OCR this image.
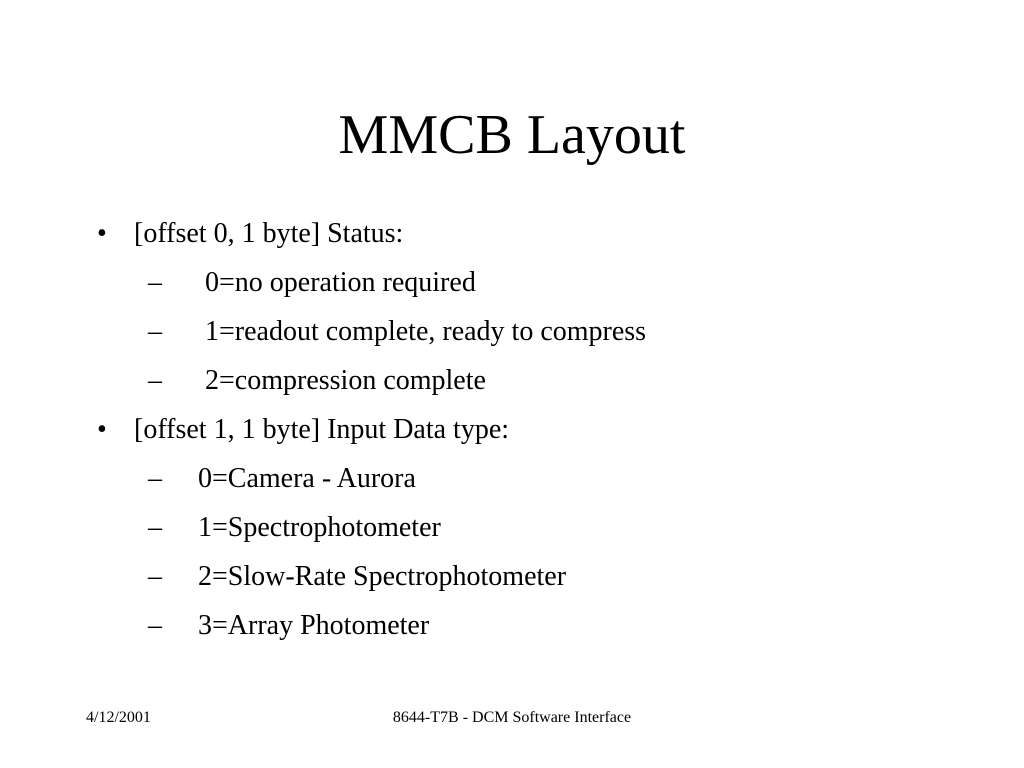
MMCB Layout
• [offset 0, 1 byte] Status:
– 0=no operation required
– 1=readout complete, ready to compress
– 2=compression complete
• [offset 1, 1 byte] Input Data type:
– 0=Camera - Aurora
– 1=Spectrophotometer
– 2=Slow-Rate Spectrophotometer
– 3=Array Photometer
4/12/2001	8644-T7B - DCM Software Interface
